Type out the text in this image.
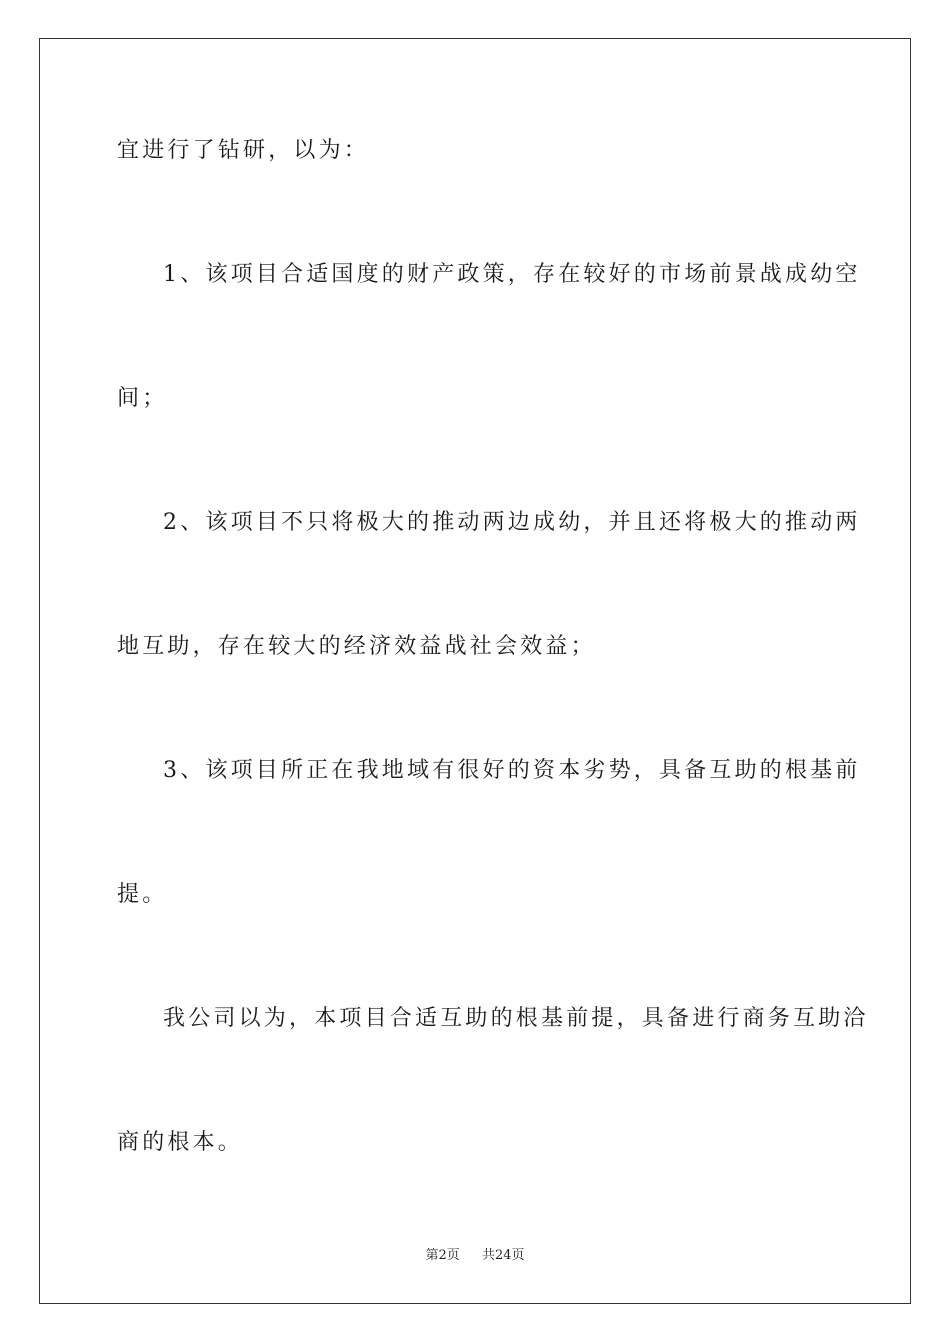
宜进行了钻研，以为：
1、该项目合适国度的财产政策，存在较好的市场前景战成幼空
间；
2、该项目不只将极大的推动两边成幼，并且还将极大的推动两
地互助，存在较大的经济效益战社会效益；
3、该项目所正在我地域有很好的资本劣势，具备互助的根基前
提。
我公司以为，本项目合适互助的根基前提，具备进行商务互助洽
商的根本。
第2页 共24页
